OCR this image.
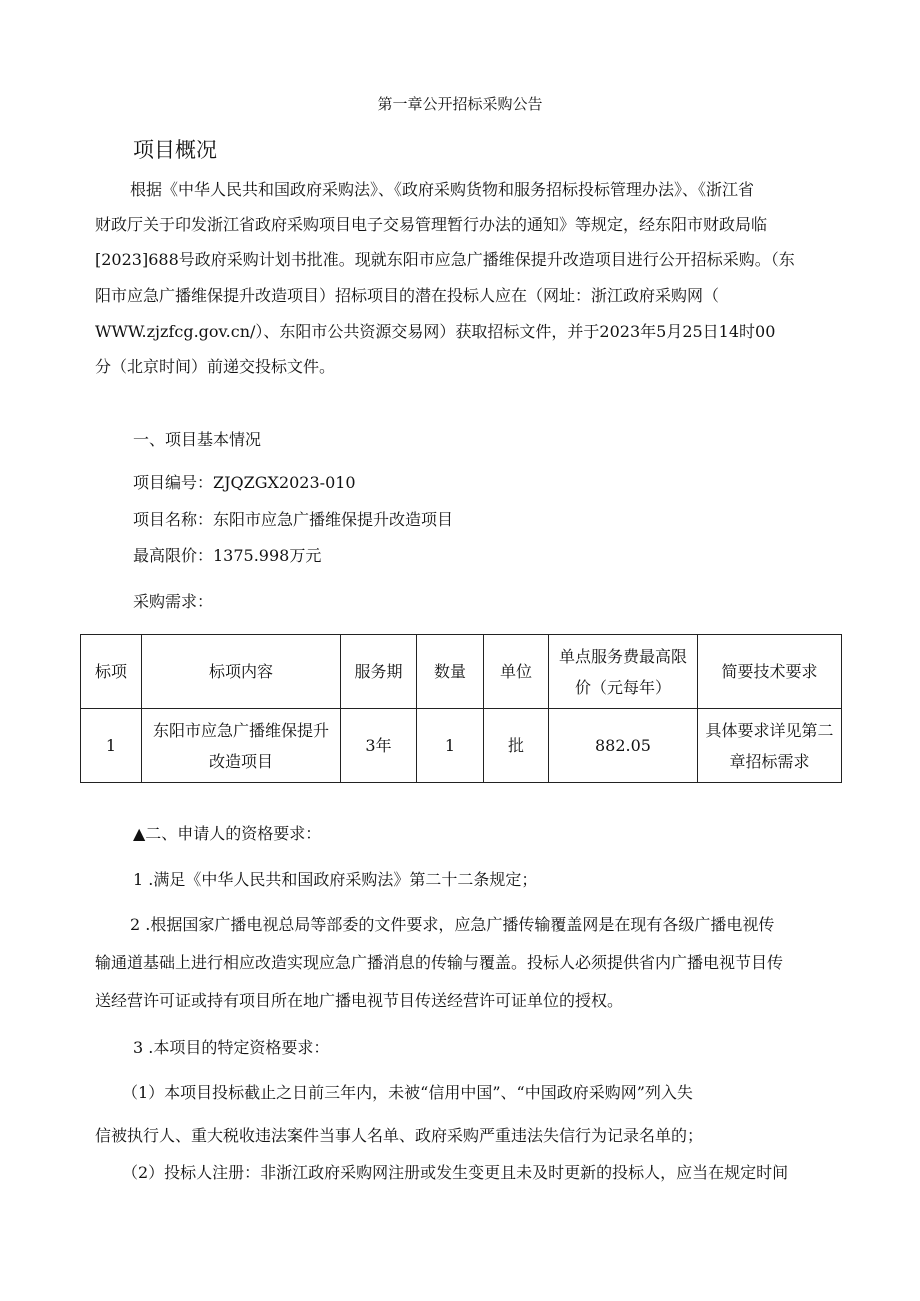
第一章公开招标采购公告
项目概况
根据《中华人民共和国政府采购法》、《政府采购货物和服务招标投标管理办法》、《浙江省
财政厅关于印发浙江省政府采购项目电子交易管理暂行办法的通知》等规定，经东阳市财政局临
[2023]688号政府采购计划书批准。现就东阳市应急广播维保提升改造项目进行公开招标采购。（东
阳市应急广播维保提升改造项目）招标项目的潜在投标人应在（网址：浙江政府采购网（
WWW.zjzfcg.gov.cn/）、东阳市公共资源交易网）获取招标文件，并于2023年5月25日14时00
分（北京时间）前递交投标文件。
一、项目基本情况
项目编号：ZJQZGX2023-010
项目名称：东阳市应急广播维保提升改造项目
最高限价：1375.998万元
采购需求：
标项	标项内容	服务期	数量	单位	单点服务费最高限价（元每年）	简要技术要求
1	东阳市应急广播维保提升改造项目	3年	1	批	882.05	具体要求详见第二章招标需求
▲二、申请人的资格要求：
1 .满足《中华人民共和国政府采购法》第二十二条规定；
2 .根据国家广播电视总局等部委的文件要求，应急广播传输覆盖网是在现有各级广播电视传
输通道基础上进行相应改造实现应急广播消息的传输与覆盖。投标人必须提供省内广播电视节目传
送经营许可证或持有项目所在地广播电视节目传送经营许可证单位的授权。
3 .本项目的特定资格要求：
（1）本项目投标截止之日前三年内，未被“信用中国”、“中国政府采购网”列入失
信被执行人、重大税收违法案件当事人名单、政府采购严重违法失信行为记录名单的；
（2）投标人注册：非浙江政府采购网注册或发生变更且未及时更新的投标人，应当在规定时间
